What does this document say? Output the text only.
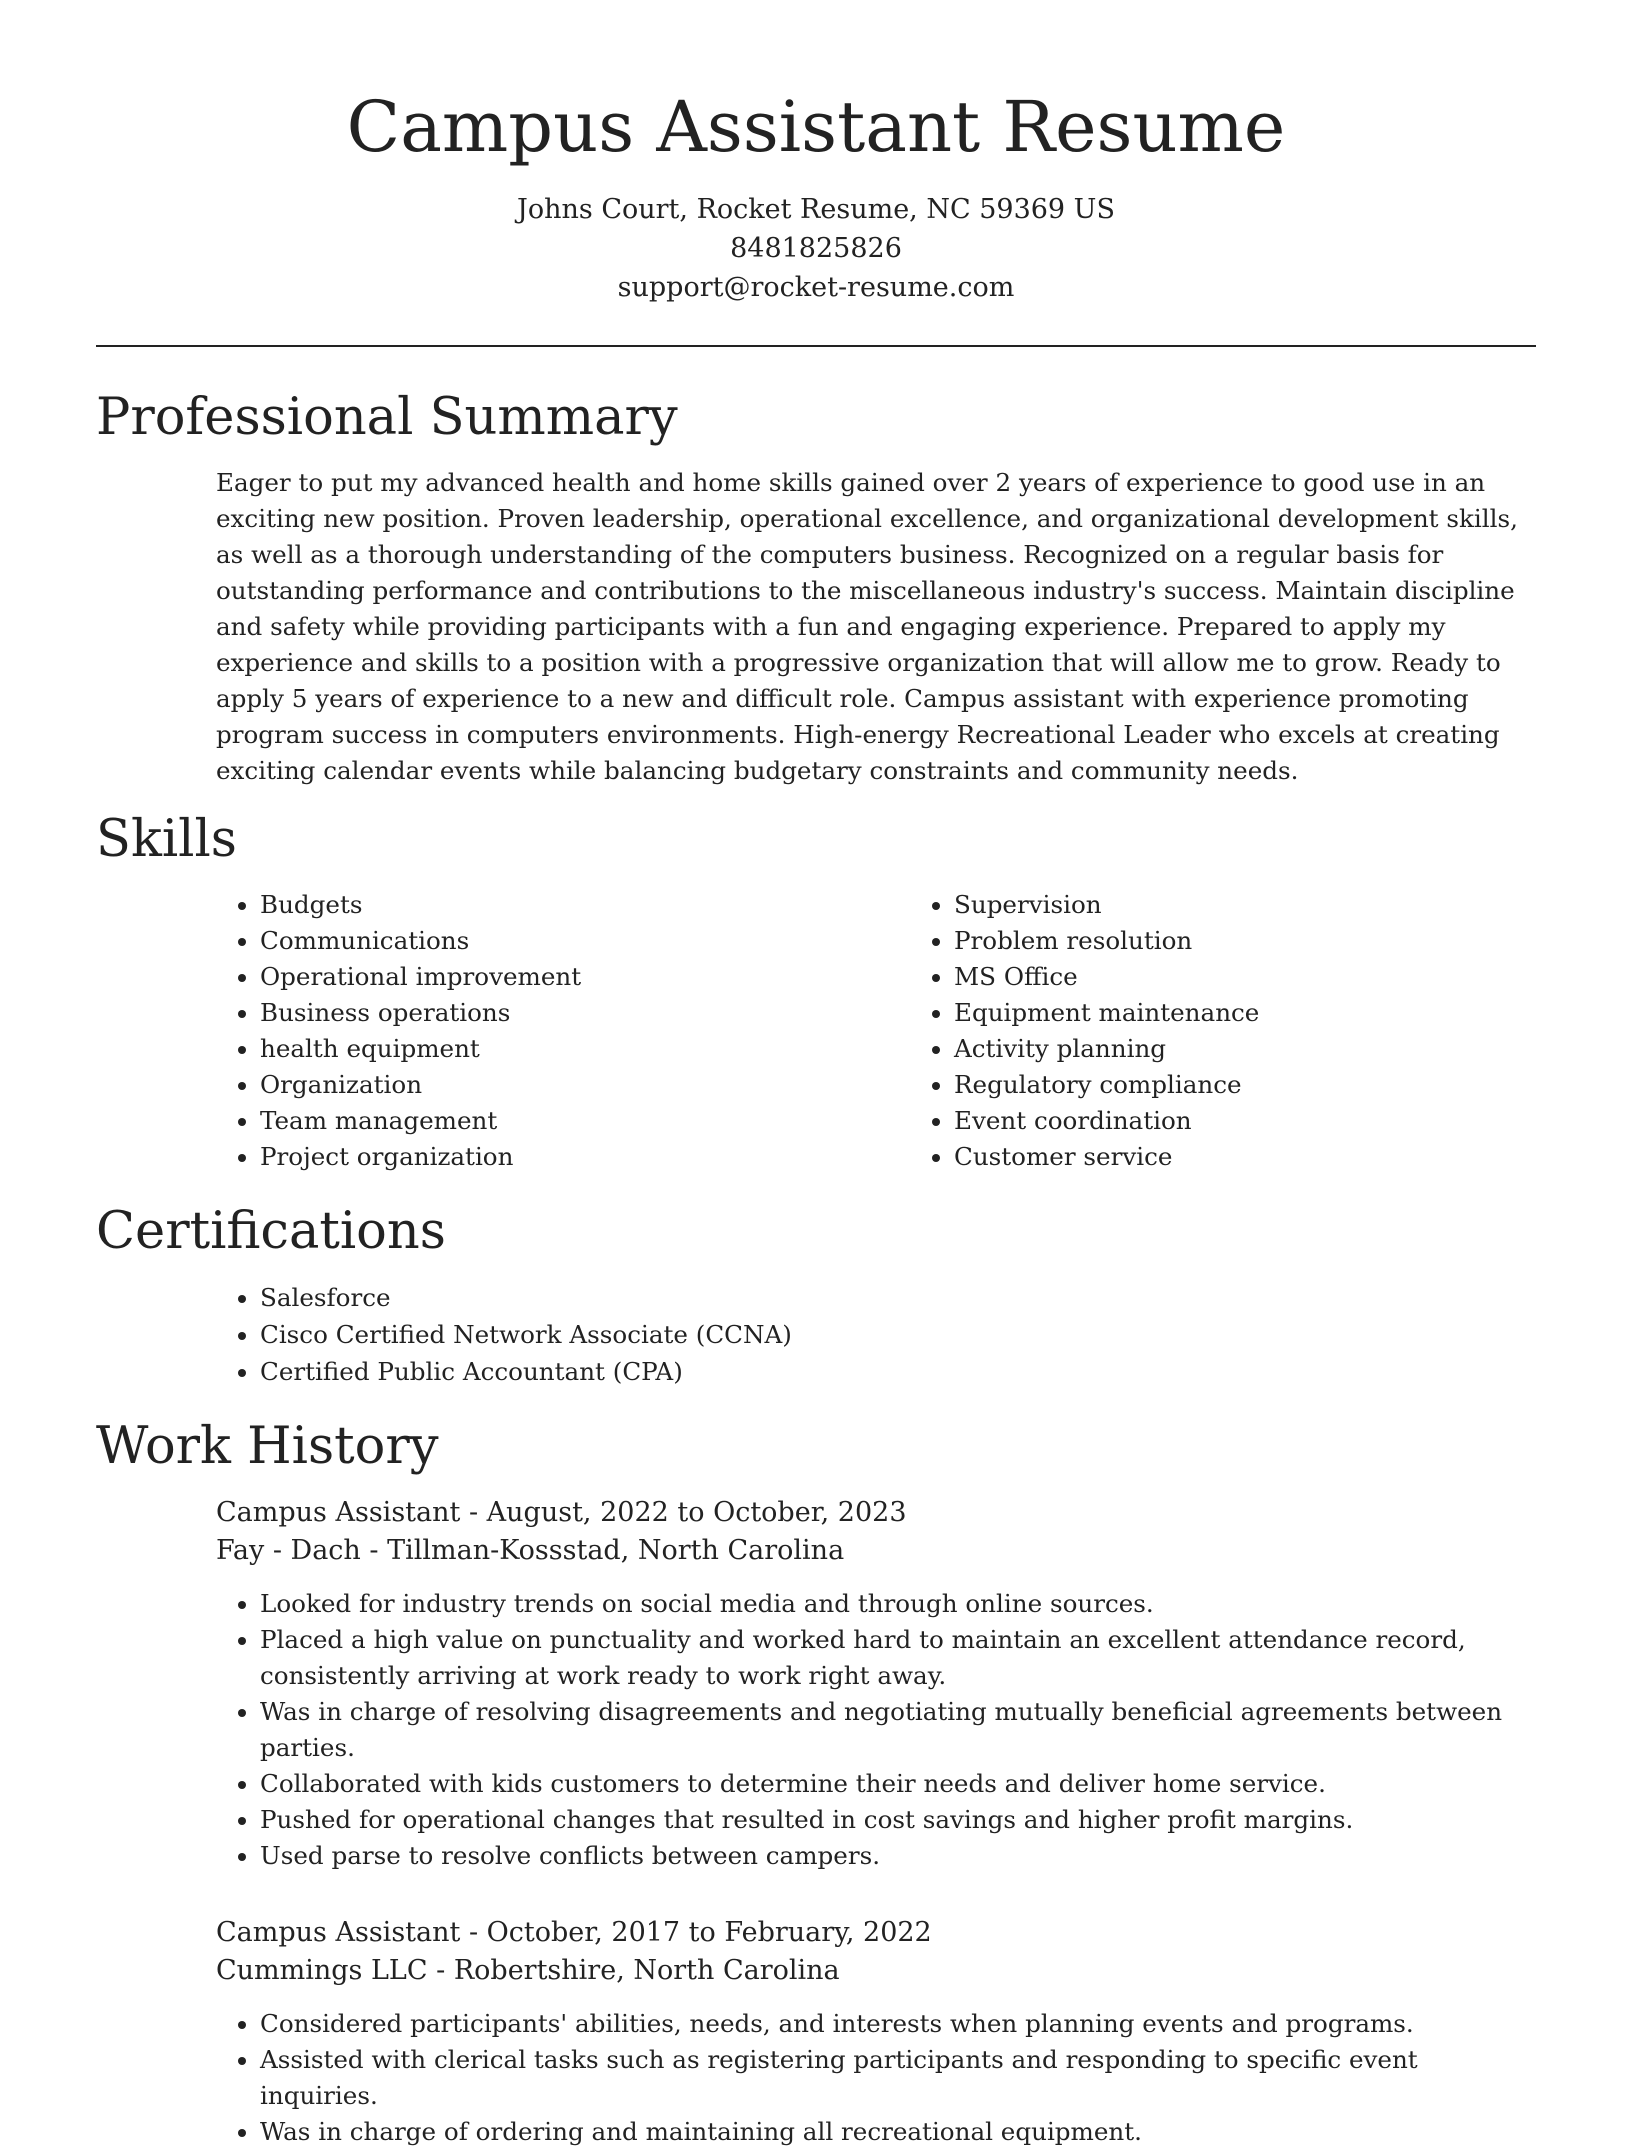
Campus Assistant Resume
Johns Court, Rocket Resume, NC 59369 US
8481825826
support@rocket-resume.com
Professional Summary

Eager to put my advanced health and home skills gained over 2 years of experience to good use in an exciting new position. Proven leadership, operational excellence, and organizational development skills, as well as a thorough understanding of the computers business. Recognized on a regular basis for outstanding performance and contributions to the miscellaneous industry's success. Maintain discipline and safety while providing participants with a fun and engaging experience. Prepared to apply my experience and skills to a position with a progressive organization that will allow me to grow. Ready to apply 5 years of experience to a new and difficult role. Campus assistant with experience promoting program success in computers environments. High-energy Recreational Leader who excels at creating exciting calendar events while balancing budgetary constraints and community needs.

Skills
• Budgets
• Communications
• Operational improvement
• Business operations
• health equipment
• Organization
• Team management
• Project organization
• Supervision
• Problem resolution
• MS Office
• Equipment maintenance
• Activity planning
• Regulatory compliance
• Event coordination
• Customer service
Certifications
• Salesforce
• Cisco Certified Network Associate (CCNA)
• Certified Public Accountant (CPA)
Work History
Campus Assistant - August, 2022 to October, 2023
Fay - Dach - Tillman-Kossstad, North Carolina
• Looked for industry trends on social media and through online sources.
• Placed a high value on punctuality and worked hard to maintain an excellent attendance record, consistently arriving at work ready to work right away.
• Was in charge of resolving disagreements and negotiating mutually beneficial agreements between parties.
• Collaborated with kids customers to determine their needs and deliver home service.
• Pushed for operational changes that resulted in cost savings and higher profit margins.
• Used parse to resolve conflicts between campers.
Campus Assistant - October, 2017 to February, 2022
Cummings LLC - Robertshire, North Carolina
• Considered participants' abilities, needs, and interests when planning events and programs.
• Assisted with clerical tasks such as registering participants and responding to specific event inquiries.
• Was in charge of ordering and maintaining all recreational equipment.
